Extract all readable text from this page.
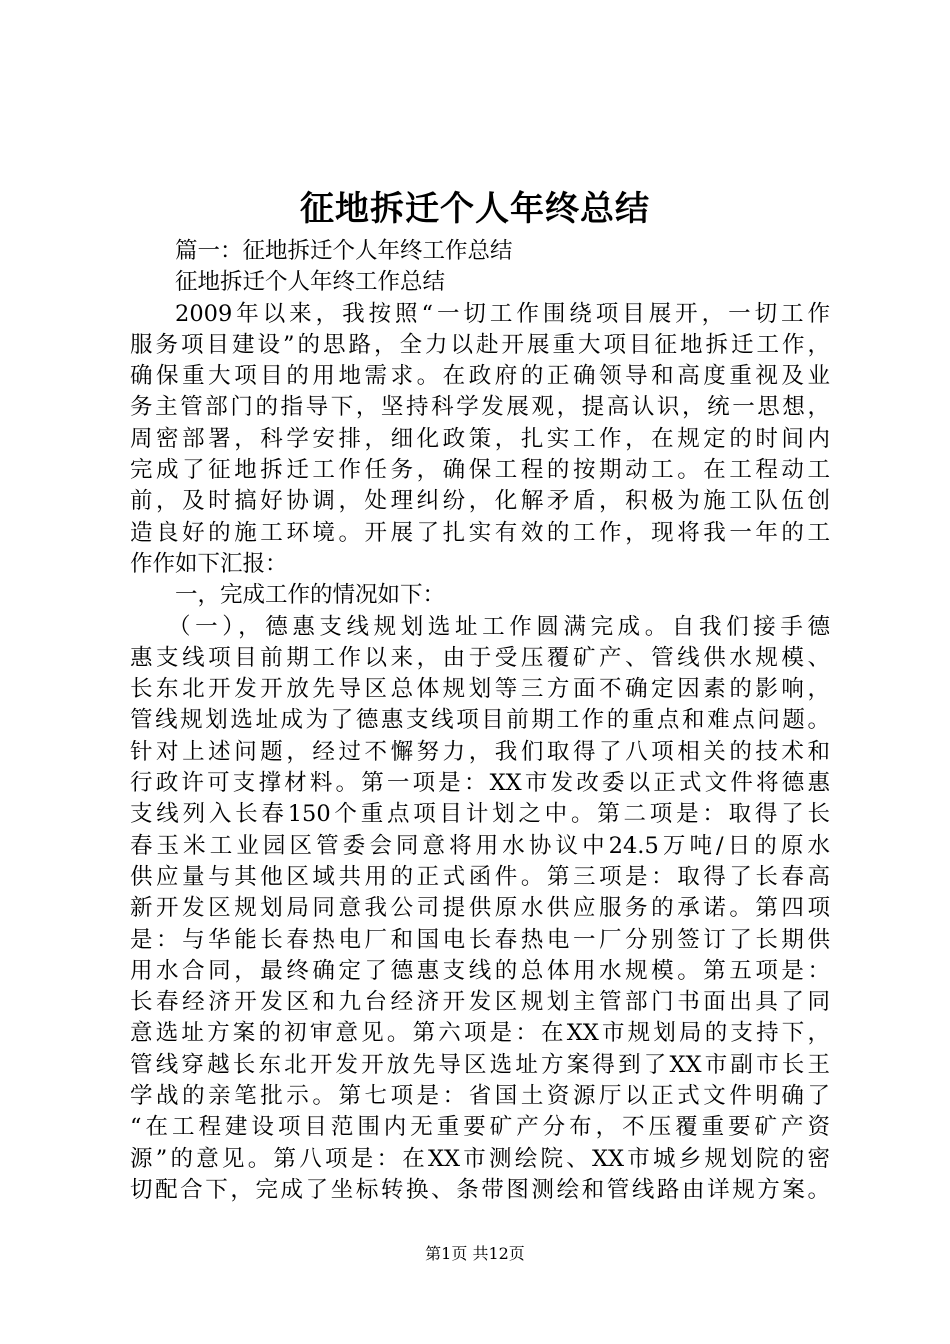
征地拆迁个人年终总结
篇一：征地拆迁个人年终工作总结
征地拆迁个人年终工作总结
2009年以来，我按照“一切工作围绕项目展开，一切工作
服务项目建设”的思路，全力以赴开展重大项目征地拆迁工作，
确保重大项目的用地需求。在政府的正确领导和高度重视及业
务主管部门的指导下，坚持科学发展观，提高认识，统一思想，
周密部署，科学安排，细化政策，扎实工作，在规定的时间内
完成了征地拆迁工作任务，确保工程的按期动工。在工程动工
前，及时搞好协调，处理纠纷，化解矛盾，积极为施工队伍创
造良好的施工环境。开展了扎实有效的工作，现将我一年的工
作作如下汇报：
一，完成工作的情况如下：
（一），德惠支线规划选址工作圆满完成。自我们接手德
惠支线项目前期工作以来，由于受压覆矿产、管线供水规模、
长东北开发开放先导区总体规划等三方面不确定因素的影响，
管线规划选址成为了德惠支线项目前期工作的重点和难点问题。
针对上述问题，经过不懈努力，我们取得了八项相关的技术和
行政许可支撑材料。第一项是：XX市发改委以正式文件将德惠
支线列入长春150个重点项目计划之中。第二项是：取得了长
春玉米工业园区管委会同意将用水协议中24.5万吨/日的原水
供应量与其他区域共用的正式函件。第三项是：取得了长春高
新开发区规划局同意我公司提供原水供应服务的承诺。第四项
是：与华能长春热电厂和国电长春热电一厂分别签订了长期供
用水合同，最终确定了德惠支线的总体用水规模。第五项是：
长春经济开发区和九台经济开发区规划主管部门书面出具了同
意选址方案的初审意见。第六项是：在XX市规划局的支持下，
管线穿越长东北开发开放先导区选址方案得到了XX市副市长王
学战的亲笔批示。第七项是：省国土资源厅以正式文件明确了
“在工程建设项目范围内无重要矿产分布，不压覆重要矿产资
源”的意见。第八项是：在XX市测绘院、XX市城乡规划院的密
切配合下，完成了坐标转换、条带图测绘和管线路由详规方案。
第1页 共12页
